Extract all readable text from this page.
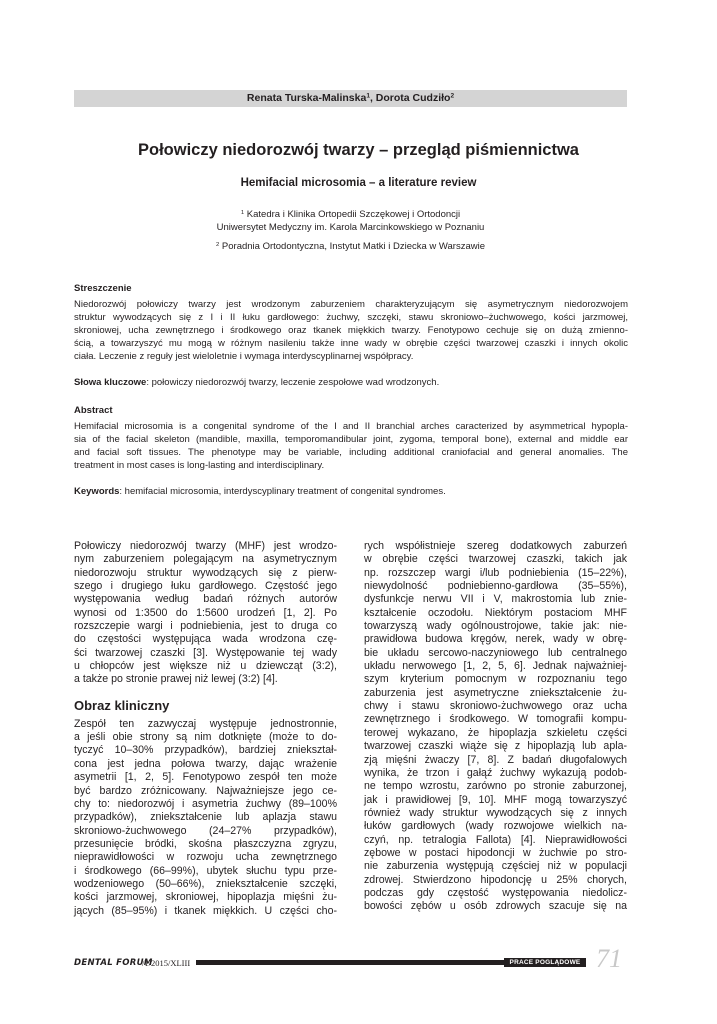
Renata Turska-Malinska$^1$, Dorota Cudziło$^2$
Połowiczy niedorozwój twarzy – przegląd piśmiennictwa
Hemifacial microsomia – a literature review

$^1$ Katedra i Klinika Ortopedii Szczękowej i Ortodoncji

Uniwersytet Medyczny im. Karola Marcinkowskiego w Poznaniu

$^2$ Poradnia Ortodontyczna, Instytut Matki i Dziecka w Warszawie

Streszczenie
Niedorozwój połowiczy twarzy jest wrodzonym zaburzeniem charakteryzującym się asymetrycznym niedorozwojem
struktur wywodzących się z I i II łuku gardłowego: żuchwy, szczęki, stawu skroniowo–żuchwowego, kości jarzmowej,
skroniowej, ucha zewnętrznego i środkowego oraz tkanek miękkich twarzy. Fenotypowo cechuje się on dużą zmienno-
ścią, a towarzyszyć mu mogą w różnym nasileniu także inne wady w obrębie części twarzowej czaszki i innych okolic
ciała. Leczenie z reguły jest wieloletnie i wymaga interdyscyplinarnej współpracy.
Słowa kluczowe: połowiczy niedorozwój twarzy, leczenie zespołowe wad wrodzonych.
Abstract
Hemifacial microsomia is a congenital syndrome of the I and II branchial arches caracterized by asymmetrical hypopla-
sia of the facial skeleton (mandible, maxilla, temporomandibular joint, zygoma, temporal bone), external and middle ear
and facial soft tissues. The phenotype may be variable, including additional craniofacial and general anomalies. The
treatment in most cases is long-lasting and interdisciplinary.
Keywords: hemifacial microsomia, interdyscyplinary treatment of congenital syndromes.

Połowiczy niedorozwój twarzy (MHF) jest wrodzo-

nym zaburzeniem polegającym na asymetrycznym

niedorozwoju struktur wywodzących się z pierw-

szego i drugiego łuku gardłowego. Częstość jego

występowania według badań różnych autorów

wynosi od 1:3500 do 1:5600 urodzeń [1, 2]. Po

rozszczepie wargi i podniebienia, jest to druga co

do częstości występująca wada wrodzona czę-

ści twarzowej czaszki [3]. Występowanie tej wady

u chłopców jest większe niż u dziewcząt (3:2),

a także po stronie prawej niż lewej (3:2) [4].

Obraz kliniczny

Zespół ten zazwyczaj występuje jednostronnie,

a jeśli obie strony są nim dotknięte (może to do-

tyczyć 10–30% przypadków), bardziej zniekształ-

cona jest jedna połowa twarzy, dając wrażenie

asymetrii [1, 2, 5]. Fenotypowo zespół ten może

być bardzo zróżnicowany. Najważniejsze jego ce-

chy to: niedorozwój i asymetria żuchwy (89–100%

przypadków), zniekształcenie lub aplazja stawu

skroniowo-żuchwowego (24–27% przypadków),

przesunięcie bródki, skośna płaszczyzna zgryzu,

nieprawidłowości w rozwoju ucha zewnętrznego

i środkowego (66–99%), ubytek słuchu typu prze-

wodzeniowego (50–66%), zniekształcenie szczęki,

kości jarzmowej, skroniowej, hipoplazja mięśni żu-

jących (85–95%) i tkanek miękkich. U części cho-

rych współistnieje szereg dodatkowych zaburzeń

w obrębie części twarzowej czaszki, takich jak

np. rozszczep wargi i/lub podniebienia (15–22%),

niewydolność podniebienno-gardłowa (35–55%),

dysfunkcje nerwu VII i V, makrostomia lub znie-

kształcenie oczodołu. Niektórym postaciom MHF

towarzyszą wady ogólnoustrojowe, takie jak: nie-

prawidłowa budowa kręgów, nerek, wady w obrę-

bie układu sercowo-naczyniowego lub centralnego

układu nerwowego [1, 2, 5, 6]. Jednak najważniej-

szym kryterium pomocnym w rozpoznaniu tego

zaburzenia jest asymetryczne zniekształcenie żu-

chwy i stawu skroniowo-żuchwowego oraz ucha

zewnętrznego i środkowego. W tomografii kompu-

terowej wykazano, że hipoplazja szkieletu części

twarzowej czaszki wiąże się z hipoplazją lub apla-

zją mięśni żwaczy [7, 8]. Z badań długofalowych

wynika, że trzon i gałąź żuchwy wykazują podob-

ne tempo wzrostu, zarówno po stronie zaburzonej,

jak i prawidłowej [9, 10]. MHF mogą towarzyszyć

również wady struktur wywodzących się z innych

łuków gardłowych (wady rozwojowe wielkich na-

czyń, np. tetralogia Fallota) [4]. Nieprawidłowości

zębowe w postaci hipodoncji w żuchwie po stro-

nie zaburzenia występują częściej niż w populacji

zdrowej. Stwierdzono hipodoncję u 25% chorych,

podczas gdy częstość występowania niedolicz-

bowości zębów u osób zdrowych szacuje się na

DENTAL FORUM
/1/2015/XLIII	PRACE POGLĄDOWE 71
